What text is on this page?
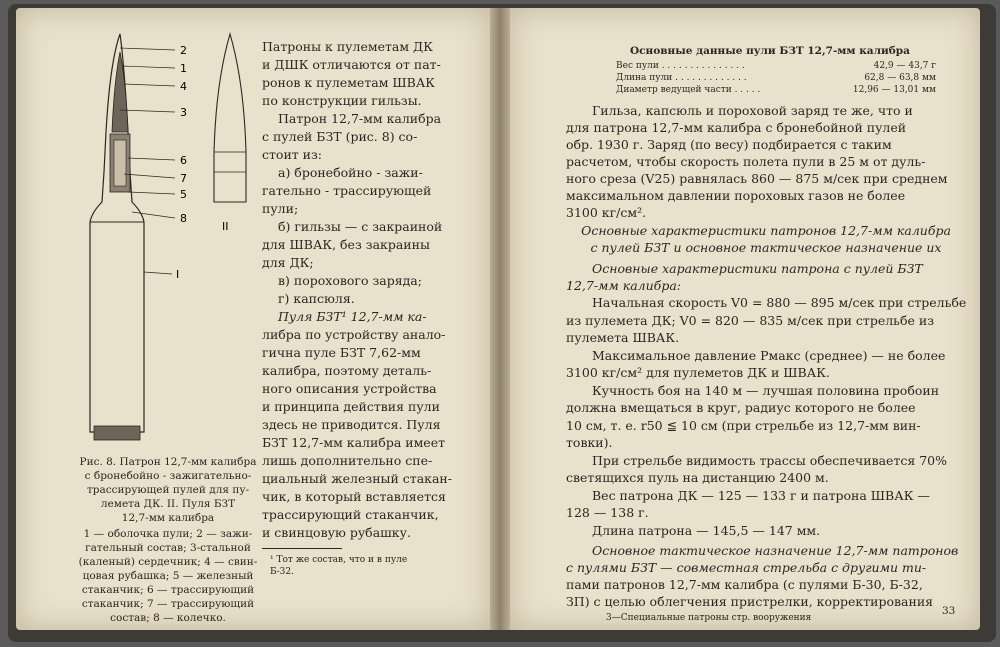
2
1
4
3
6
7
5
8
I
II
Рис. 8. Патрон 12,7-мм калибра
с бронебойно - зажигательно-
трассирующей пулей для пу-
лемета ДК. II. Пуля БЗТ
12,7-мм калибра
1 — оболочка пули; 2 — зажи-
гательный состав; 3-стальной
(каленый) сердечник; 4 — свин-
цовая рубашка; 5 — железный
стаканчик; 6 — трассирующий
стаканчик; 7 — трассирующий
состав; 8 — колечко.
Патроны к пулеметам ДК
и ДШК отличаются от пат-
ронов к пулеметам ШВАК
по конструкции гильзы.
Патрон 12,7-мм калибра
с пулей БЗТ (рис. 8) со-
стоит из:
а) бронебойно - зажи-
гательно - трассирующей
пули;
б) гильзы — с закраиной
для ШВАК, без закраины
для ДК;
в) порохового заряда;
г) капсюля.
Пуля БЗТ¹ 12,7-мм ка-
либра по устройству анало-
гична пуле БЗТ 7,62-мм
калибра, поэтому деталь-
ного описания устройства
и принципа действия пули
здесь не приводится. Пуля
БЗТ 12,7-мм калибра имеет
лишь дополнительно спе-
циальный железный стакан-
чик, в который вставляется
трассирующий стаканчик,
и свинцовую рубашку.
¹ Тот же состав, что и в пуле
Б-32.
Основные данные пули БЗТ 12,7-мм калибра
Вес пули . . . . . . . . . . . . . . .	42,9 — 43,7 г
Длина пули . . . . . . . . . . . . .	62,8 — 63,8 мм
Диаметр ведущей части . . . . .	12,96 — 13,01 мм
Гильза, капсюль и пороховой заряд те же, что и
для патрона 12,7-мм калибра с бронебойной пулей
обр. 1930 г. Заряд (по весу) подбирается с таким
расчетом, чтобы скорость полета пули в 25 м от дуль-
ного среза (V25) равнялась 860 — 875 м/сек при среднем
максимальном давлении пороховых газов не более
3100 кг/см².
Основные характеристики патронов 12,7-мм калибра
с пулей БЗТ и основное тактическое назначение их
Основные характеристики патрона с пулей БЗТ
12,7-мм калибра:
Начальная скорость V0 = 880 — 895 м/сек при стрельбе
из пулемета ДК; V0 = 820 — 835 м/сек при стрельбе из
пулемета ШВАК.
Максимальное давление Pмакс (среднее) — не более
3100 кг/см² для пулеметов ДК и ШВАК.
Кучность боя на 140 м — лучшая половина пробоин
должна вмещаться в круг, радиус которого не более
10 см, т. е. r50 ≦ 10 см (при стрельбе из 12,7-мм вин-
товки).
При стрельбе видимость трассы обеспечивается 70%
светящихся пуль на дистанцию 2400 м.
Вес патрона ДК — 125 — 133 г и патрона ШВАК —
128 — 138 г.
Длина патрона — 145,5 — 147 мм.
Основное тактическое назначение 12,7-мм патронов
с пулями БЗТ — совместная стрельба с другими ти-
пами патронов 12,7-мм калибра (с пулями Б-30, Б-32,
ЗП) с целью облегчения пристрелки, корректирования
3—Специальные патроны стр. вооружения
33
